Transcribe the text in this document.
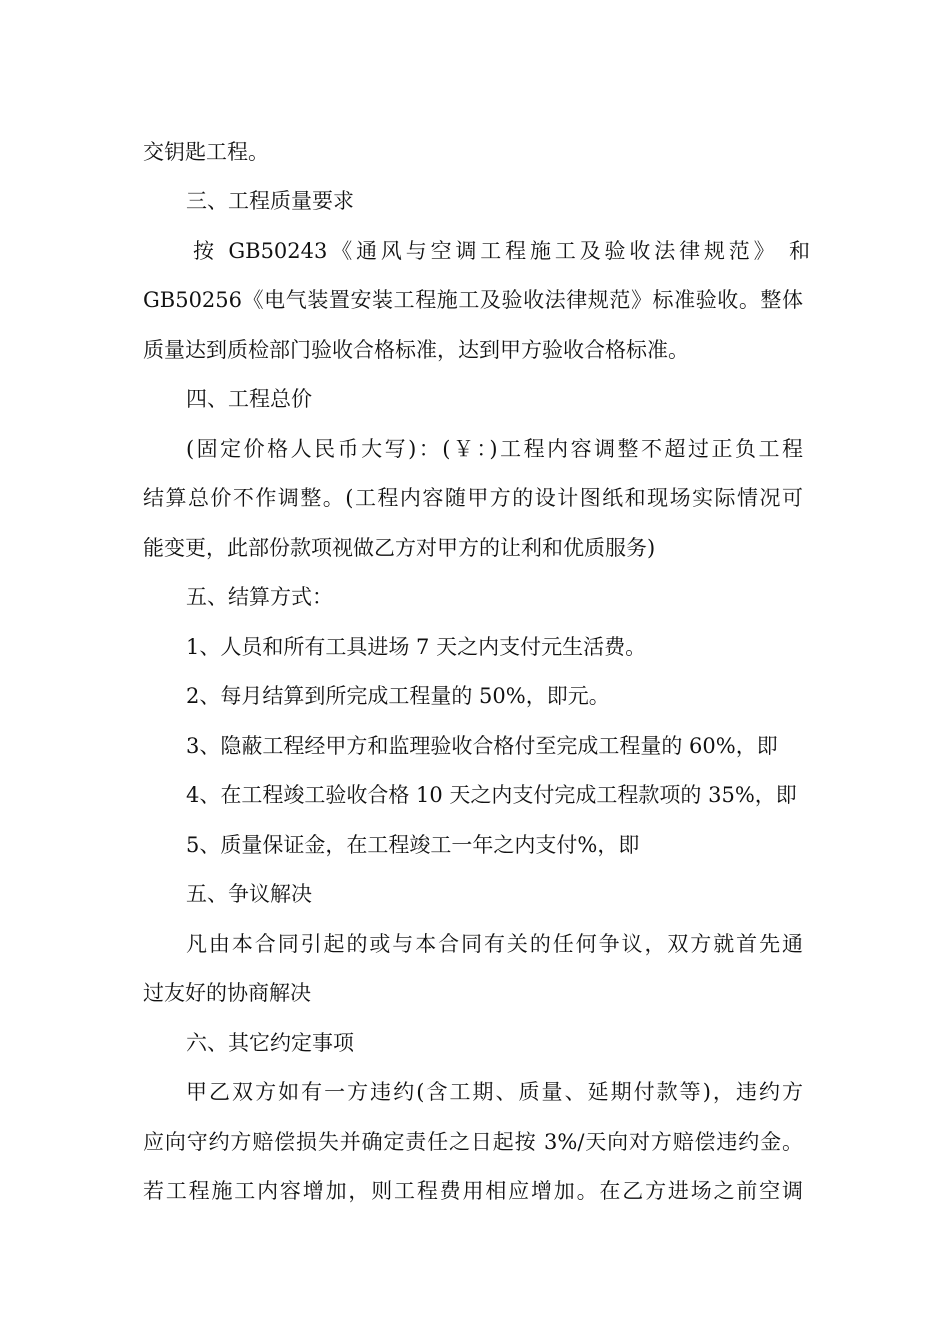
交钥匙工程。
三、工程质量要求
按 GB50243《通风与空调工程施工及验收法律规范》 和
GB50256《电气装置安装工程施工及验收法律规范》标准验收。整体
质量达到质检部门验收合格标准，达到甲方验收合格标准。
四、工程总价
(固定价格人民币大写)：(￥：)工程内容调整不超过正负工程
结算总价不作调整。(工程内容随甲方的设计图纸和现场实际情况可
能变更，此部份款项视做乙方对甲方的让利和优质服务)
五、结算方式：
1、人员和所有工具进场 7 天之内支付元生活费。
2、每月结算到所完成工程量的 50%，即元。
3、隐蔽工程经甲方和监理验收合格付至完成工程量的 60%，即
4、在工程竣工验收合格 10 天之内支付完成工程款项的 35%，即
5、质量保证金，在工程竣工一年之内支付%，即
五、争议解决
凡由本合同引起的或与本合同有关的任何争议，双方就首先通
过友好的协商解决
六、其它约定事项
甲乙双方如有一方违约(含工期、质量、延期付款等)，违约方
应向守约方赔偿损失并确定责任之日起按 3%/天向对方赔偿违约金。
若工程施工内容增加，则工程费用相应增加。在乙方进场之前空调
